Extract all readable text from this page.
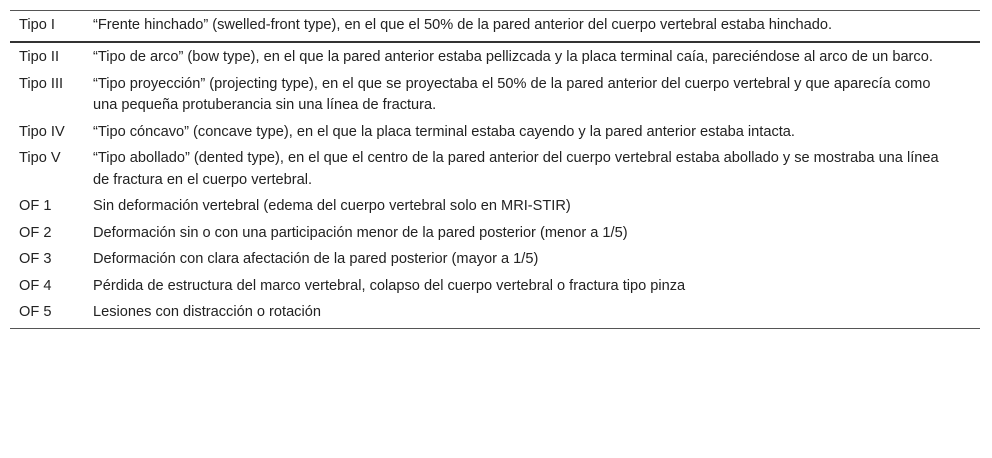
Tipo I	“Frente hinchado” (swelled-front type), en el que el 50% de la pared anterior del cuerpo vertebral estaba hinchado.
Tipo II	“Tipo de arco” (bow type), en el que la pared anterior estaba pellizcada y la placa terminal caía, pareciéndose al arco de un barco.
Tipo III	“Tipo proyección” (projecting type), en el que se proyectaba el 50% de la pared anterior del cuerpo vertebral y que aparecía como una pequeña protuberancia sin una línea de fractura.
Tipo IV	“Tipo cóncavo” (concave type), en el que la placa terminal estaba cayendo y la pared anterior estaba intacta.
Tipo V	“Tipo abollado” (dented type), en el que el centro de la pared anterior del cuerpo vertebral estaba abollado y se mostraba una línea de fractura en el cuerpo vertebral.
OF 1	Sin deformación vertebral (edema del cuerpo vertebral solo en MRI-STIR)
OF 2	Deformación sin o con una participación menor de la pared posterior (menor a 1/5)
OF 3	Deformación con clara afectación de la pared posterior (mayor a 1/5)
OF 4	Pérdida de estructura del marco vertebral, colapso del cuerpo vertebral o fractura tipo pinza
OF 5	Lesiones con distracción o rotación
